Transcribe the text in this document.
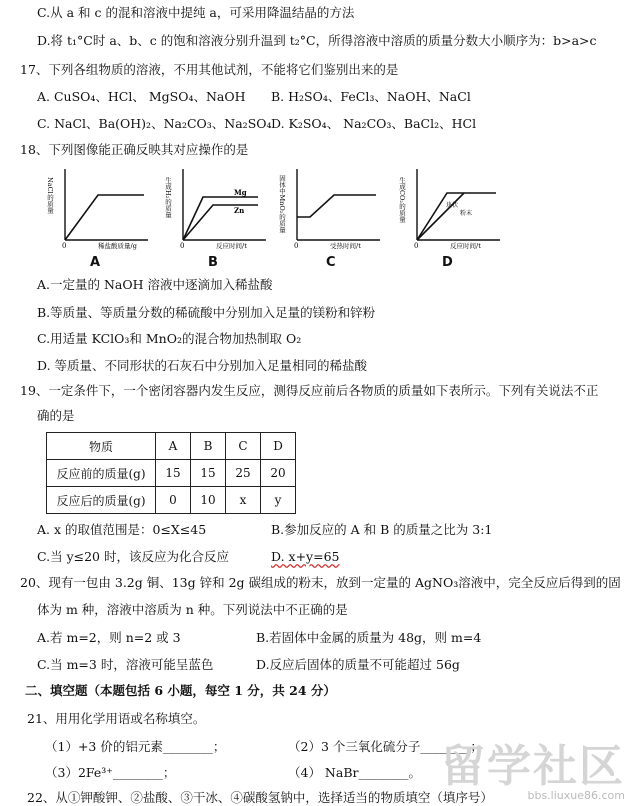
C.从 a 和 c 的混和溶液中提纯 a，可采用降温结晶的方法
D.将 t₁°C时 a、b、c 的饱和溶液分别升温到 t₂°C，所得溶液中溶质的质量分数大小顺序为：b>a>c
17、下列各组物质的溶液，不用其他试剂，不能将它们鉴别出来的是
A. CuSO₄、HCl、 MgSO₄、NaOH B. H₂SO₄、FeCl₃、NaOH、NaCl
C. NaCl、Ba(OH)₂、Na₂CO₃、Na₂SO₄ D. K₂SO₄、 Na₂CO₃、BaCl₂、HCl
18、下列图像能正确反映其对应操作的是
NaCl的质量
0	稀盐酸质量/g
A
Mg
Zn
生成H₂的质量
0	反应时间/t
B
固体中MnO₂的质量
0	受热时间/t
C
块状
粉末
生成CO₂的质量
0	反应时间/t
D
A.一定量的 NaOH 溶液中逐滴加入稀盐酸
B.等质量、等质量分数的稀硫酸中分别加入足量的镁粉和锌粉
C.用适量 KClO₃和 MnO₂的混合物加热制取 O₂
D. 等质量、不同形状的石灰石中分别加入足量相同的稀盐酸
19、一定条件下，一个密闭容器内发生反应，测得反应前后各物质的质量如下表所示。下列有关说法不正
确的是
物质	A	B	C	D
反应前的质量(g)	15	15	25	20
反应后的质量(g)	0	10	x	y
A. x 的取值范围是：0≤X≤45	B.参加反应的 A 和 B 的质量之比为 3:1
C.当 y≤20 时，该反应为化合反应	D. x+y=65
20、现有一包由 3.2g 铜、13g 锌和 2g 碳组成的粉末，放到一定量的 AgNO₃溶液中，完全反应后得到的固
体为 m 种，溶液中溶质为 n 种。下列说法中不正确的是
A.若 m=2，则 n=2 或 3	B.若固体中金属的质量为 48g，则 m=4
C.当 m=3 时，溶液可能呈蓝色	D.反应后固体的质量不可能超过 56g
二、填空题（本题包括 6 小题，每空 1 分，共 24 分）
21、用用化学用语或名称填空。
（1）+3 价的铝元素________；	（2）3 个三氧化硫分子________；
（3）2Fe³⁺________；	（4） NaBr________。
22、从①钾酸钾、②盐酸、③干冰、④碳酸氢钠中，选择适当的物质填空（填序号）
留学社区
bbs.liuxue86.com
